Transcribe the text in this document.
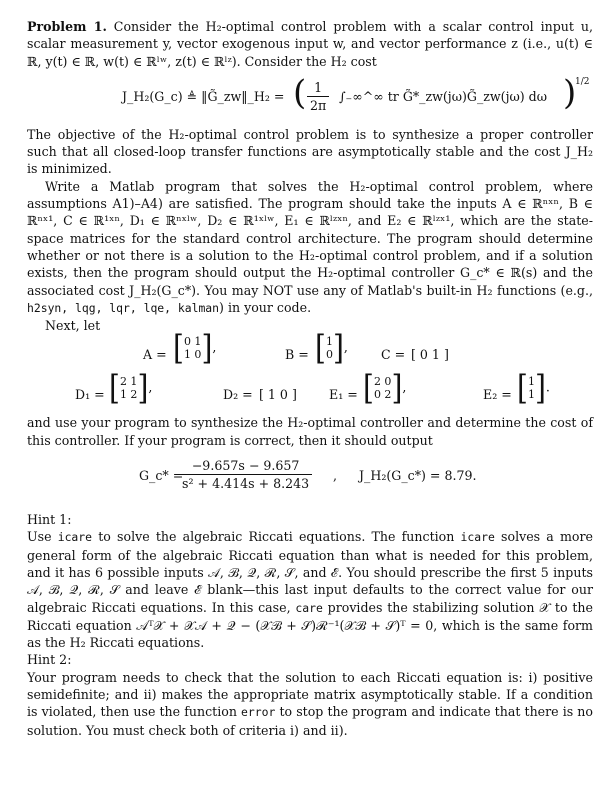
Problem 1. Consider the H₂-optimal control problem with a scalar control input u, scalar measurement y, vector exogenous input w, and vector performance z (i.e., u(t) ∈ ℝ, y(t) ∈ ℝ, w(t) ∈ ℝˡʷ, z(t) ∈ ℝˡᶻ). Consider the H₂ cost

J_H₂(G_c) ≜ ‖G̃_zw‖_H₂ = ( $\frac{1}{2\pi}$ ∫₋∞^∞ tr G̃*_zw(jω)G̃_zw(jω) dω )
1/2

The objective of the H₂-optimal control problem is to synthesize a proper controller such that all closed-loop transfer functions are asymptotically stable and the cost J_H₂ is minimized.

Write a Matlab program that solves the H₂-optimal control problem, where assumptions A1)–A4) are satisfied. The program should take the inputs A ∈ ℝⁿˣⁿ, B ∈ ℝⁿˣ¹, C ∈ ℝ¹ˣⁿ, D₁ ∈ ℝⁿˣˡʷ, D₂ ∈ ℝ¹ˣˡʷ, E₁ ∈ ℝˡᶻˣⁿ, and E₂ ∈ ℝˡᶻˣ¹, which are the state-space matrices for the standard control architecture. The program should determine whether or not there is a solution to the H₂-optimal control problem, and if a solution exists, then the program should output the H₂-optimal controller G_c* ∈ ℝ(s) and the associated cost J_H₂(G_c*). You may NOT use any of Matlab's built-in H₂ functions (e.g., h2syn, lqg, lqr, lqe, kalman) in your code.

Next, let

A = [ 0 1
1 0 ],	B = [ 1
0 ],	C = [ 0 1 ]
D₁ = [ 2 1
1 2 ],	D₂ = [ 1 0 ]	E₁ = [ 2 0
0 2 ],	E₂ = [ 1
1 ].

and use your program to synthesize the H₂-optimal controller and determine the cost of this controller. If your program is correct, then it should output

G_c* =
$\frac{-9.657s - 9.657}{\text{s² + 4.414s + 8.243}}$ , J_H₂(G_c*) = 8.79.

Hint 1:

Use icare to solve the algebraic Riccati equations. The function icare solves a more general form of the algebraic Riccati equation than what is needed for this problem, and it has 6 possible inputs 𝒜, ℬ, 𝒬, ℛ, 𝒮, and ℰ. You should prescribe the first 5 inputs 𝒜, ℬ, 𝒬, ℛ, 𝒮 and leave ℰ blank—this last input defaults to the correct value for our algebraic Riccati equations. In this case, care provides the stabilizing solution 𝒳 to the Riccati equation 𝒜ᵀ𝒳 + 𝒳𝒜 + 𝒬 − (𝒳ℬ + 𝒮)ℛ⁻¹(𝒳ℬ + 𝒮)ᵀ = 0, which is the same form as the H₂ Riccati equations.

Hint 2:

Your program needs to check that the solution to each Riccati equation is: i) positive semidefinite; and ii) makes the appropriate matrix asymptotically stable. If a condition is violated, then use the function error to stop the program and indicate that there is no solution. You must check both of criteria i) and ii).
